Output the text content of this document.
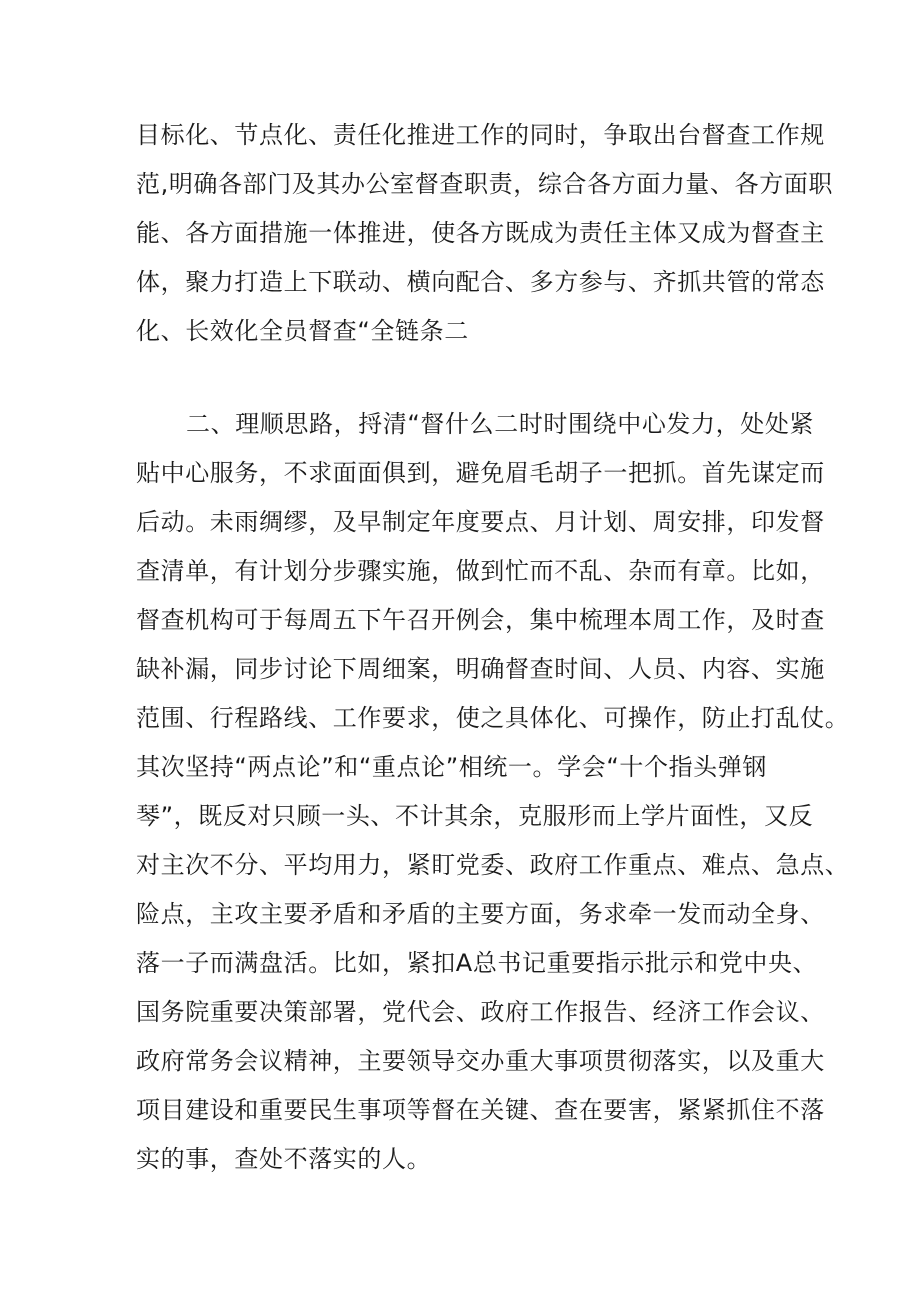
目标化、节点化、责任化推进工作的同时，争取出台督查工作规
范,明确各部门及其办公室督查职责，综合各方面力量、各方面职
能、各方面措施一体推进，使各方既成为责任主体又成为督查主
体，聚力打造上下联动、横向配合、多方参与、齐抓共管的常态
化、长效化全员督查“全链条二
二、理顺思路，捋清“督什么二时时围绕中心发力，处处紧
贴中心服务，不求面面俱到，避免眉毛胡子一把抓。首先谋定而
后动。未雨绸缪，及早制定年度要点、月计划、周安排，印发督
查清单，有计划分步骤实施，做到忙而不乱、杂而有章。比如，
督查机构可于每周五下午召开例会，集中梳理本周工作，及时查
缺补漏，同步讨论下周细案，明确督查时间、人员、内容、实施
范围、行程路线、工作要求，使之具体化、可操作，防止打乱仗。
其次坚持“两点论”和“重点论”相统一。学会“十个指头弹钢
琴”，既反对只顾一头、不计其余，克服形而上学片面性，又反
对主次不分、平均用力，紧盯党委、政府工作重点、难点、急点、
险点，主攻主要矛盾和矛盾的主要方面，务求牵一发而动全身、
落一子而满盘活。比如，紧扣A总书记重要指示批示和党中央、
国务院重要决策部署，党代会、政府工作报告、经济工作会议、
政府常务会议精神，主要领导交办重大事项贯彻落实，以及重大
项目建设和重要民生事项等督在关键、查在要害，紧紧抓住不落
实的事，查处不落实的人。
